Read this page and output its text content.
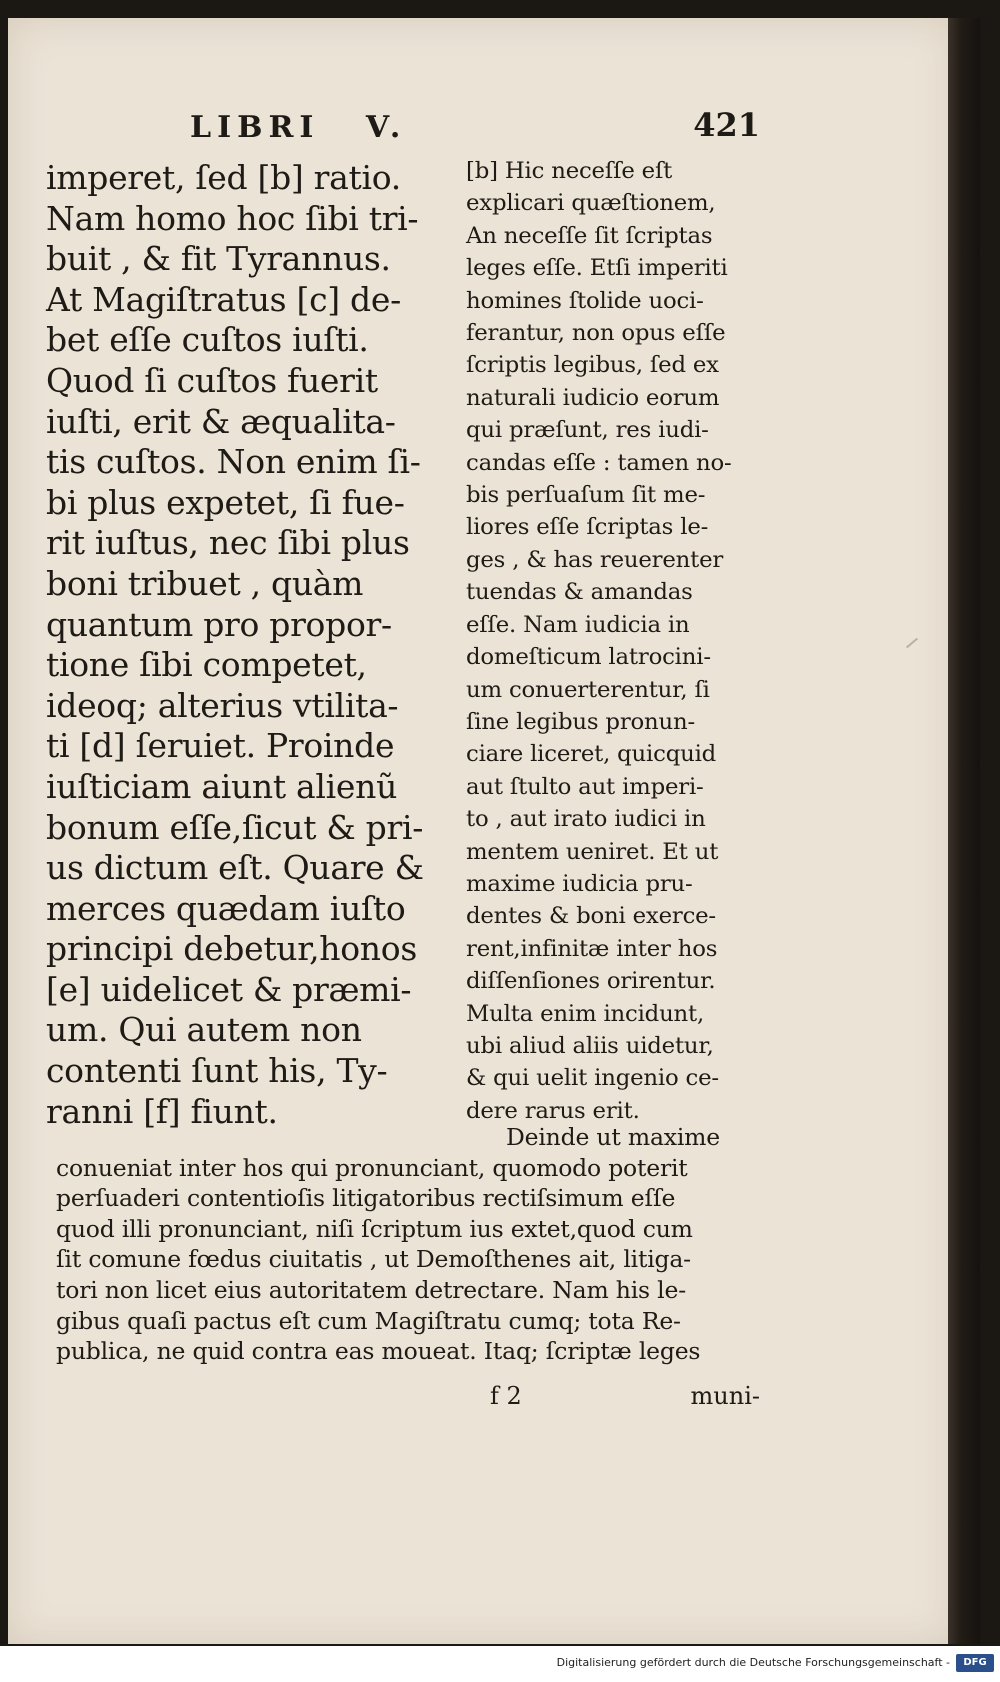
LIBRI V.	421
imperet, ſed [b] ratio.
Nam homo hoc ſibi tri-
buit , & fit Tyrannus.
At Magiſtratus [c] de-
bet eſſe cuſtos iuſti.
Quod ſi cuſtos fuerit
iuſti, erit & æqualita-
tis cuſtos. Non enim ſi-
bi plus expetet, ſi fue-
rit iuſtus, nec ſibi plus
boni tribuet , quàm
quantum pro propor-
tione ſibi competet,
ideoq; alterius vtilita-
ti [d] ſeruiet. Proinde
iuſticiam aiunt alienũ
bonum eſſe,ſicut & pri-
us dictum eſt. Quare &
merces quædam iuſto
principi debetur,honos
[e] uidelicet & præmi-
um. Qui autem non
contenti ſunt his, Ty-
ranni [f] fiunt.
[b] Hic neceſſe eſt
explicari quæſtionem,
An neceſſe ſit ſcriptas
leges eſſe. Etſi imperiti
homines ſtolide uoci-
ferantur, non opus eſſe
ſcriptis legibus, ſed ex
naturali iudicio eorum
qui præſunt, res iudi-
candas eſſe : tamen no-
bis perſuaſum ſit me-
liores eſſe ſcriptas le-
ges , & has reuerenter
tuendas & amandas
eſſe. Nam iudicia in
domeſticum latrocini-
um conuerterentur, ſi
ſine legibus pronun-
ciare liceret, quicquid
aut ſtulto aut imperi-
to , aut irato iudici in
mentem ueniret. Et ut
maxime iudicia pru-
dentes & boni exerce-
rent,infinitæ inter hos
diſſenſiones orirentur.
Multa enim incidunt,
ubi aliud aliis uidetur,
& qui uelit ingenio ce-
dere rarus erit.
Deinde ut maxime
conueniat inter hos qui pronunciant, quomodo poterit
perſuaderi contentioſis litigatoribus rectiſsimum eſſe
quod illi pronunciant, niſi ſcriptum ius extet,quod cum
ſit comune fœdus ciuitatis , ut Demoſthenes ait, litiga-
tori non licet eius autoritatem detrectare. Nam his le-
gibus quaſi pactus eſt cum Magiſtratu cumq; tota Re-
publica, ne quid contra eas moueat. Itaq; ſcriptæ leges
f 2	muni-
Digitalisierung gefördert durch die Deutsche Forschungsgemeinschaft -	DFG
